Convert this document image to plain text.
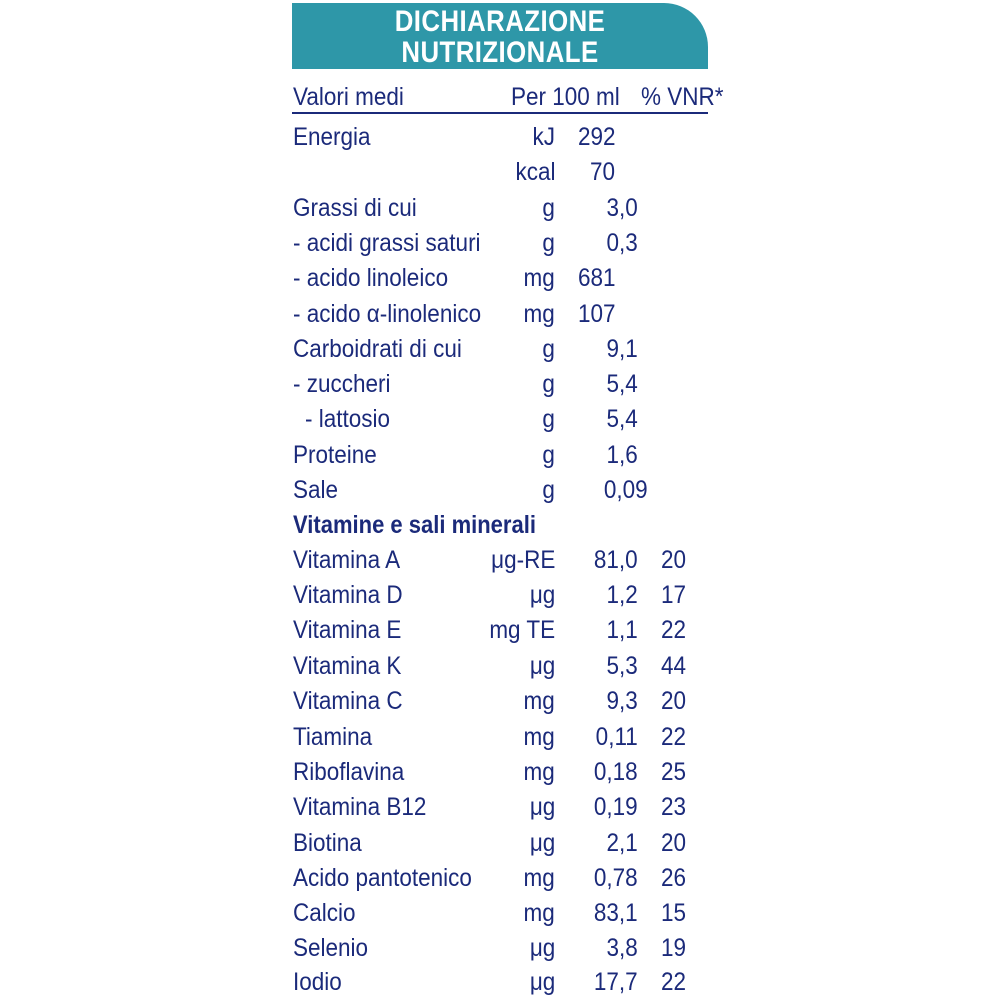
DICHIARAZIONE
NUTRIZIONALE
Valori medi	Per 100 ml % VNR*
Energia	kJ 292
kcal 70
Grassi di cui	g 3,0
- acidi grassi saturi g 0,3
- acido linoleico	mg 681
- acido α-linolenico mg 107
Carboidrati di cui	g 9,1
- zuccheri	g 5,4
- lattosio	g 5,4
Proteine	g 1,6
Sale	g 0,09
Vitamine e sali minerali
Vitamina A	μg-RE 81,0 20
Vitamina D	μg 1,2 17
Vitamina E	mg TE 1,1 22
Vitamina K	μg 5,3 44
Vitamina C	mg 9,3 20
Tiamina	mg 0,11 22
Riboflavina	mg 0,18 25
Vitamina B12	μg 0,19 23
Biotina	μg 2,1 20
Acido pantotenico mg 0,78 26
Calcio	mg 83,1 15
Selenio	μg 3,8 19
Iodio	μg 17,7 22
